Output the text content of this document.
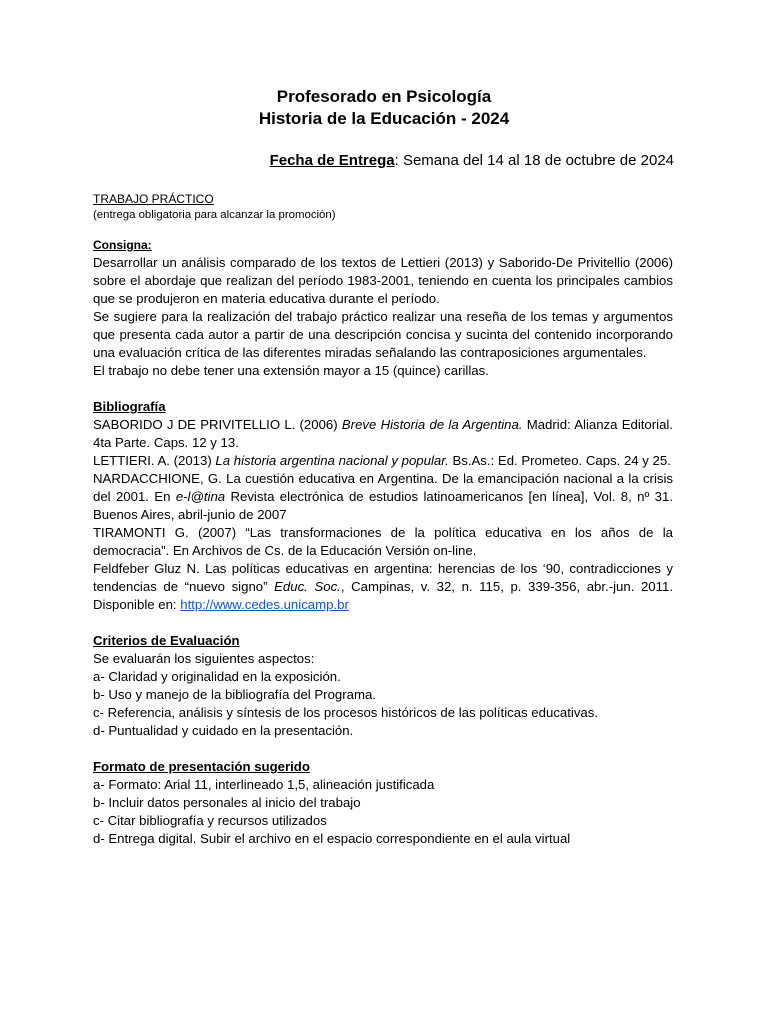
Profesorado en Psicología

Historia de la Educación - 2024

Fecha de Entrega: Semana del 14 al 18 de octubre de 2024

TRABAJO PRÁCTICO

(entrega obligatoria para alcanzar la promoción)

Consigna:

Desarrollar un análisis comparado de los textos de Lettieri (2013) y Saborido-De Privitellio (2006) sobre el abordaje que realizan del período 1983-2001, teniendo en cuenta los principales cambios que se produjeron en materia educativa durante el período.

Se sugiere para la realización del trabajo práctico realizar una reseña de los temas y argumentos que presenta cada autor a partir de una descripción concisa y sucinta del contenido incorporando una evaluación crítica de las diferentes miradas señalando las contraposiciones argumentales.

El trabajo no debe tener una extensión mayor a 15 (quince) carillas.

Bibliografía

SABORIDO J DE PRIVITELLIO L. (2006) Breve Historia de la Argentina. Madrid: Alianza Editorial. 4ta Parte. Caps. 12 y 13.

LETTIERI. A. (2013) La historia argentina nacional y popular. Bs.As.: Ed. Prometeo. Caps. 24 y 25.

NARDACCHIONE, G. La cuestión educativa en Argentina. De la emancipación nacional a la crisis del 2001. En e-l@tina Revista electrónica de estudios latinoamericanos [en línea], Vol. 8, nº 31. Buenos Aires, abril-junio de 2007

TIRAMONTI G. (2007) “Las transformaciones de la política educativa en los años de la democracia”. En Archivos de Cs. de la Educación Versión on-line.

Feldfeber Gluz N. Las políticas educativas en argentina: herencias de los ‘90, contradicciones y tendencias de “nuevo signo” Educ. Soc., Campinas, v. 32, n. 115, p. 339-356, abr.-jun. 2011. Disponible en: http://www.cedes.unicamp.br

Criterios de Evaluación

Se evaluarán los siguientes aspectos:

a- Claridad y originalidad en la exposición.

b- Uso y manejo de la bibliografía del Programa.

c- Referencia, análisis y síntesis de los procesos históricos de las políticas educativas.

d- Puntualidad y cuidado en la presentación.

Formato de presentación sugerido

a- Formato: Arial 11, interlineado 1,5, alineación justificada

b- Incluir datos personales al inicio del trabajo

c- Citar bibliografía y recursos utilizados

d- Entrega digital. Subir el archivo en el espacio correspondiente en el aula virtual
